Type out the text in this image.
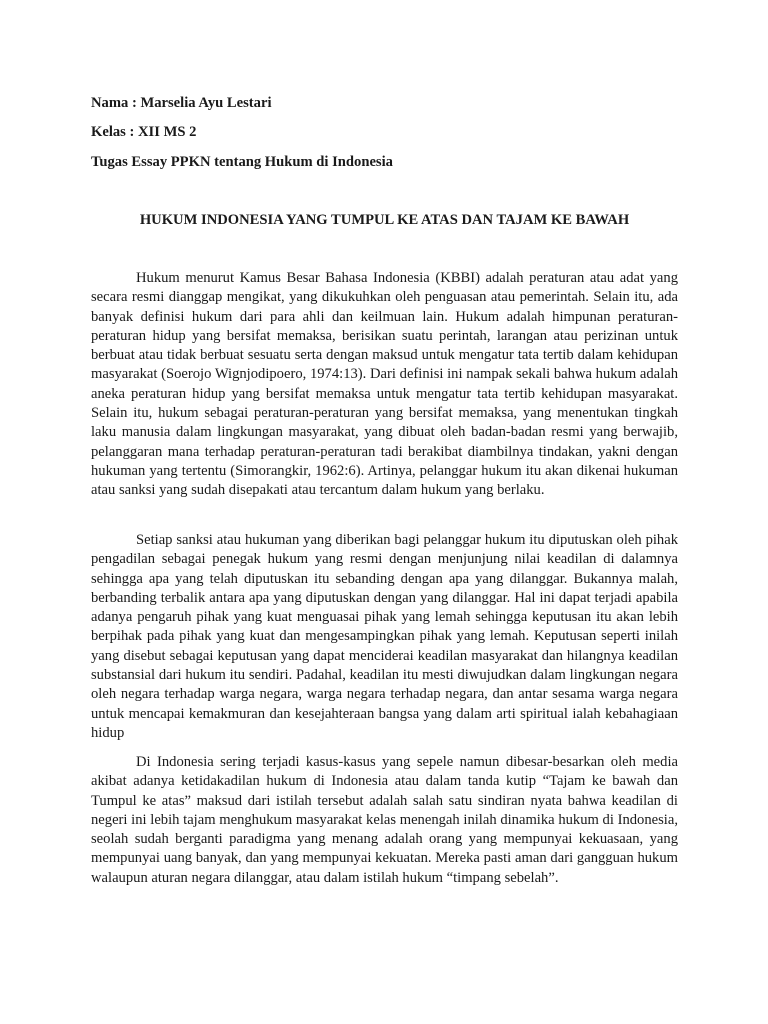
Nama : Marselia Ayu Lestari
Kelas : XII MS 2
Tugas Essay PPKN tentang Hukum di Indonesia
HUKUM INDONESIA YANG TUMPUL KE ATAS DAN TAJAM KE BAWAH

Hukum menurut Kamus Besar Bahasa Indonesia (KBBI) adalah peraturan atau adat yang secara resmi dianggap mengikat, yang dikukuhkan oleh penguasan atau pemerintah. Selain itu, ada banyak definisi hukum dari para ahli dan keilmuan lain. Hukum adalah himpunan peraturan-peraturan hidup yang bersifat memaksa, berisikan suatu perintah, larangan atau perizinan untuk berbuat atau tidak berbuat sesuatu serta dengan maksud untuk mengatur tata tertib dalam kehidupan masyarakat (Soerojo Wignjodipoero, 1974:13). Dari definisi ini nampak sekali bahwa hukum adalah aneka peraturan hidup yang bersifat memaksa untuk mengatur tata tertib kehidupan masyarakat. Selain itu, hukum sebagai peraturan-peraturan yang bersifat memaksa, yang menentukan tingkah laku manusia dalam lingkungan masyarakat, yang dibuat oleh badan-badan resmi yang berwajib, pelanggaran mana terhadap peraturan-peraturan tadi berakibat diambilnya tindakan, yakni dengan hukuman yang tertentu (Simorangkir, 1962:6). Artinya, pelanggar hukum itu akan dikenai hukuman atau sanksi yang sudah disepakati atau tercantum dalam hukum yang berlaku.

Setiap sanksi atau hukuman yang diberikan bagi pelanggar hukum itu diputuskan oleh pihak pengadilan sebagai penegak hukum yang resmi dengan menjunjung nilai keadilan di dalamnya sehingga apa yang telah diputuskan itu sebanding dengan apa yang dilanggar. Bukannya malah, berbanding terbalik antara apa yang diputuskan dengan yang dilanggar. Hal ini dapat terjadi apabila adanya pengaruh pihak yang kuat menguasai pihak yang lemah sehingga keputusan itu akan lebih berpihak pada pihak yang kuat dan mengesampingkan pihak yang lemah. Keputusan seperti inilah yang disebut sebagai keputusan yang dapat menciderai keadilan masyarakat dan hilangnya keadilan substansial dari hukum itu sendiri. Padahal, keadilan itu mesti diwujudkan dalam lingkungan negara oleh negara terhadap warga negara, warga negara terhadap negara, dan antar sesama warga negara untuk mencapai kemakmuran dan kesejahteraan bangsa yang dalam arti spiritual ialah kebahagiaan hidup

Di Indonesia sering terjadi kasus-kasus yang sepele namun dibesar-besarkan oleh media akibat adanya ketidakadilan hukum di Indonesia atau dalam tanda kutip “Tajam ke bawah dan Tumpul ke atas” maksud dari istilah tersebut adalah salah satu sindiran nyata bahwa keadilan di negeri ini lebih tajam menghukum masyarakat kelas menengah inilah dinamika hukum di Indonesia, seolah sudah berganti paradigma yang menang adalah orang yang mempunyai kekuasaan, yang mempunyai uang banyak, dan yang mempunyai kekuatan. Mereka pasti aman dari gangguan hukum walaupun aturan negara dilanggar, atau dalam istilah hukum “timpang sebelah”.
